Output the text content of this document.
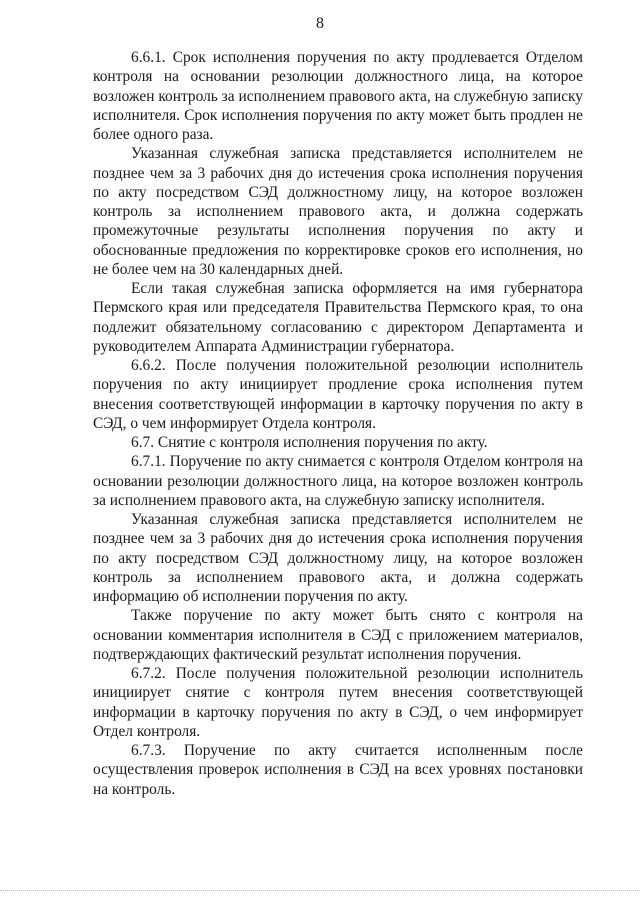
8

6.6.1. Срок исполнения поручения по акту продлевается Отделом контроля на основании резолюции должностного лица, на которое возложен контроль за исполнением правового акта, на служебную записку исполнителя. Срок исполнения поручения по акту может быть продлен не более одного раза.

Указанная служебная записка представляется исполнителем не позднее чем за 3 рабочих дня до истечения срока исполнения поручения по акту посредством СЭД должностному лицу, на которое возложен контроль за исполнением правового акта, и должна содержать промежуточные результаты исполнения поручения по акту и обоснованные предложения по корректировке сроков его исполнения, но не более чем на 30 календарных дней.

Если такая служебная записка оформляется на имя губернатора Пермского края или председателя Правительства Пермского края, то она подлежит обязательному согласованию с директором Департамента и руководителем Аппарата Администрации губернатора.

6.6.2. После получения положительной резолюции исполнитель поручения по акту инициирует продление срока исполнения путем внесения соответствующей информации в карточку поручения по акту в СЭД, о чем информирует Отдела контроля.

6.7. Снятие с контроля исполнения поручения по акту.

6.7.1. Поручение по акту снимается с контроля Отделом контроля на основании резолюции должностного лица, на которое возложен контроль за исполнением правового акта, на служебную записку исполнителя.

Указанная служебная записка представляется исполнителем не позднее чем за 3 рабочих дня до истечения срока исполнения поручения по акту посредством СЭД должностному лицу, на которое возложен контроль за исполнением правового акта, и должна содержать информацию об исполнении поручения по акту.

Также поручение по акту может быть снято с контроля на основании комментария исполнителя в СЭД с приложением материалов, подтверждающих фактический результат исполнения поручения.

6.7.2. После получения положительной резолюции исполнитель инициирует снятие с контроля путем внесения соответствующей информации в карточку поручения по акту в СЭД, о чем информирует Отдел контроля.

6.7.3. Поручение по акту считается исполненным после осуществления проверок исполнения в СЭД на всех уровнях постановки на контроль.
